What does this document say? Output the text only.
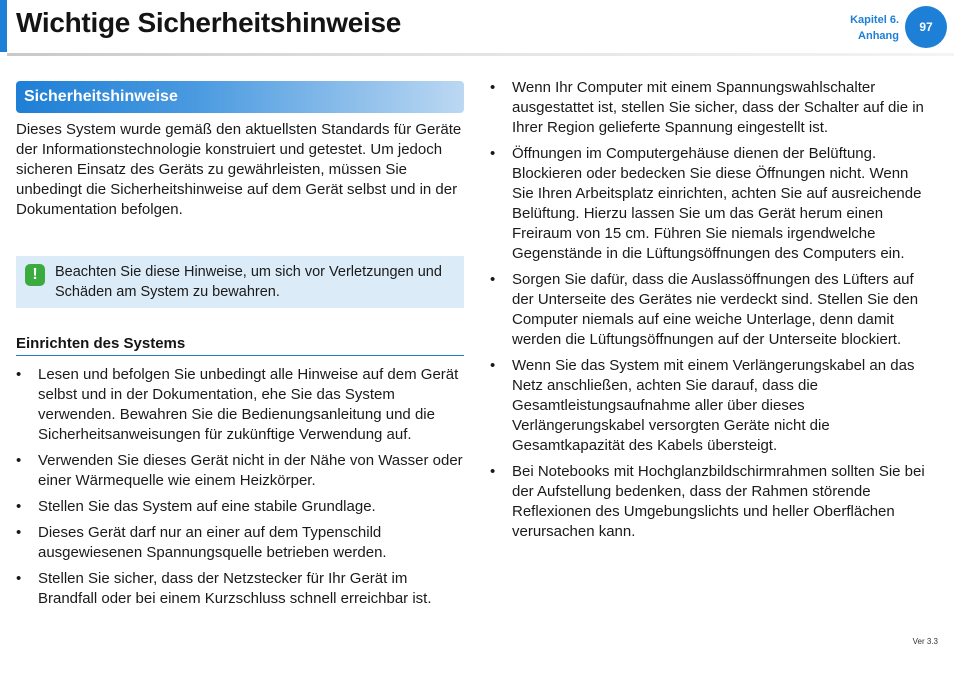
Wichtige Sicherheitshinweise	Kapitel 6.
Anhang
97
Sicherheitshinweise
Dieses System wurde gemäß den aktuellsten Standards für Geräte der Informationstechnologie konstruiert und getestet. Um jedoch sicheren Einsatz des Geräts zu gewährleisten, müssen Sie unbedingt die Sicherheitshinweise auf dem Gerät selbst und in der Dokumentation befolgen.
!	Beachten Sie diese Hinweise, um sich vor Verletzungen und Schäden am System zu bewahren.
Einrichten des Systems
• Lesen und befolgen Sie unbedingt alle Hinweise auf dem Gerät selbst und in der Dokumentation, ehe Sie das System verwenden. Bewahren Sie die Bedienungsanleitung und die Sicherheitsanweisungen für zukünftige Verwendung auf.
• Verwenden Sie dieses Gerät nicht in der Nähe von Wasser oder einer Wärmequelle wie einem Heizkörper.
• Stellen Sie das System auf eine stabile Grundlage.
• Dieses Gerät darf nur an einer auf dem Typenschild ausgewiesenen Spannungsquelle betrieben werden.
• Stellen Sie sicher, dass der Netzstecker für Ihr Gerät im Brandfall oder bei einem Kurzschluss schnell erreichbar ist.
• Wenn Ihr Computer mit einem Spannungswahlschalter ausgestattet ist, stellen Sie sicher, dass der Schalter auf die in Ihrer Region gelieferte Spannung eingestellt ist.
• Öffnungen im Computergehäuse dienen der Belüftung. Blockieren oder bedecken Sie diese Öffnungen nicht. Wenn Sie Ihren Arbeitsplatz einrichten, achten Sie auf ausreichende Belüftung. Hierzu lassen Sie um das Gerät herum einen Freiraum von 15 cm. Führen Sie niemals irgendwelche Gegenstände in die Lüftungsöffnungen des Computers ein.
• Sorgen Sie dafür, dass die Auslassöffnungen des Lüfters auf der Unterseite des Gerätes nie verdeckt sind. Stellen Sie den Computer niemals auf eine weiche Unterlage, denn damit werden die Lüftungsöffnungen auf der Unterseite blockiert.
• Wenn Sie das System mit einem Verlängerungskabel an das Netz anschließen, achten Sie darauf, dass die Gesamtleistungsaufnahme aller über dieses Verlängerungskabel versorgten Geräte nicht die Gesamtkapazität des Kabels übersteigt.
• Bei Notebooks mit Hochglanzbildschirmrahmen sollten Sie bei der Aufstellung bedenken, dass der Rahmen störende Reflexionen des Umgebungslichts und heller Oberflächen verursachen kann.
Ver 3.3
